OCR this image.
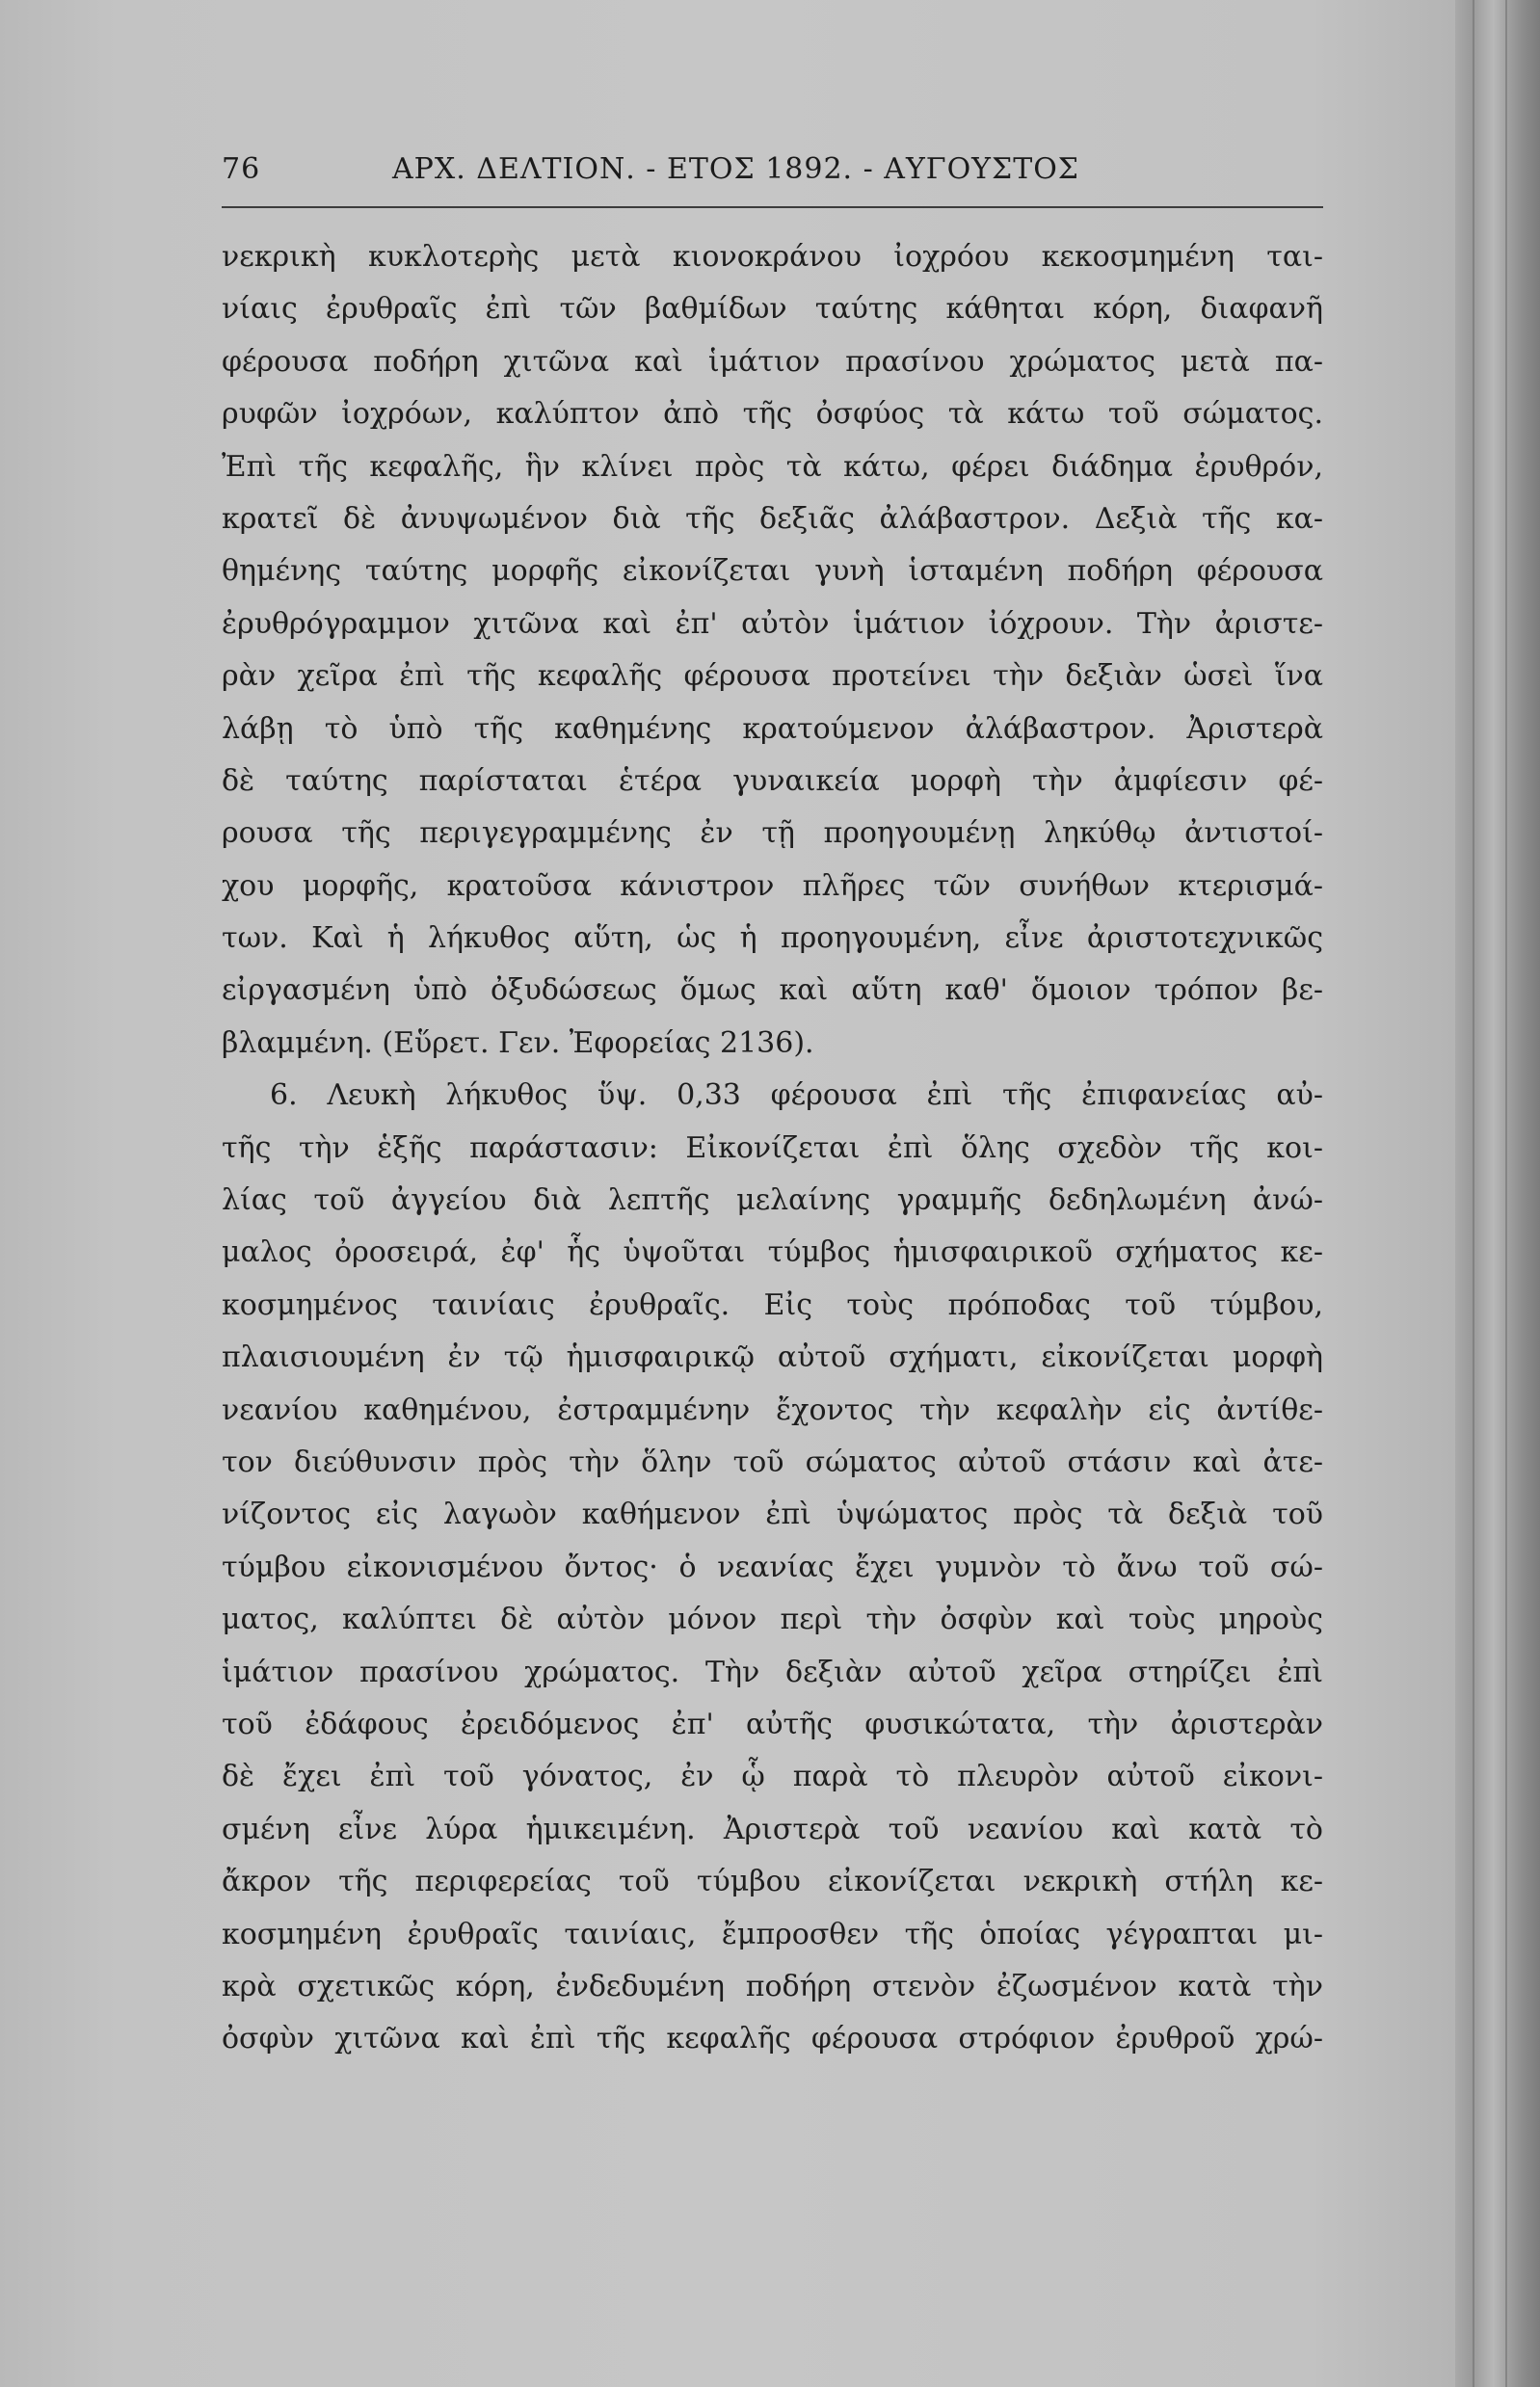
76	ΑΡΧ. ΔΕΛΤΙΟΝ. - ΕΤΟΣ 1892. - ΑΥΓΟΥΣΤΟΣ
νεκρικὴ κυκλοτερὴς μετὰ κιονοκράνου ἰοχρόου κεκοσμημένη ται-
νίαις ἐρυθραῖς ἐπὶ τῶν βαθμίδων ταύτης κάθηται κόρη, διαφανῆ
φέρουσα ποδήρη χιτῶνα καὶ ἱμάτιον πρασίνου χρώματος μετὰ πα-
ρυφῶν ἰοχρόων, καλύπτον ἀπὸ τῆς ὀσφύος τὰ κάτω τοῦ σώματος.
Ἐπὶ τῆς κεφαλῆς, ἣν κλίνει πρὸς τὰ κάτω, φέρει διάδημα ἐρυθρόν,
κρατεῖ δὲ ἀνυψωμένον διὰ τῆς δεξιᾶς ἀλάβαστρον. Δεξιὰ τῆς κα-
θημένης ταύτης μορφῆς εἰκονίζεται γυνὴ ἱσταμένη ποδήρη φέρουσα
ἐρυθρόγραμμον χιτῶνα καὶ ἐπ' αὐτὸν ἱμάτιον ἰόχρουν. Τὴν ἀριστε-
ρὰν χεῖρα ἐπὶ τῆς κεφαλῆς φέρουσα προτείνει τὴν δεξιὰν ὡσεὶ ἵνα
λάβῃ τὸ ὑπὸ τῆς καθημένης κρατούμενον ἀλάβαστρον. Ἀριστερὰ
δὲ ταύτης παρίσταται ἑτέρα γυναικεία μορφὴ τὴν ἀμφίεσιν φέ-
ρουσα τῆς περιγεγραμμένης ἐν τῇ προηγουμένῃ ληκύθῳ ἀντιστοί-
χου μορφῆς, κρατοῦσα κάνιστρον πλῆρες τῶν συνήθων κτερισμά-
των. Καὶ ἡ λήκυθος αὕτη, ὡς ἡ προηγουμένη, εἶνε ἀριστοτεχνικῶς
εἰργασμένη ὑπὸ ὀξυδώσεως ὅμως καὶ αὕτη καθ' ὅμοιον τρόπον βε-
βλαμμένη. (Εὕρετ. Γεν. Ἐφορείας 2136).
6. Λευκὴ λήκυθος ὕψ. 0,33 φέρουσα ἐπὶ τῆς ἐπιφανείας αὐ-
τῆς τὴν ἑξῆς παράστασιν: Εἰκονίζεται ἐπὶ ὅλης σχεδὸν τῆς κοι-
λίας τοῦ ἀγγείου διὰ λεπτῆς μελαίνης γραμμῆς δεδηλωμένη ἀνώ-
μαλος ὀροσειρά, ἐφ' ἧς ὑψοῦται τύμβος ἡμισφαιρικοῦ σχήματος κε-
κοσμημένος ταινίαις ἐρυθραῖς. Εἰς τοὺς πρόποδας τοῦ τύμβου,
πλαισιουμένη ἐν τῷ ἡμισφαιρικῷ αὐτοῦ σχήματι, εἰκονίζεται μορφὴ
νεανίου καθημένου, ἐστραμμένην ἔχοντος τὴν κεφαλὴν εἰς ἀντίθε-
τον διεύθυνσιν πρὸς τὴν ὅλην τοῦ σώματος αὐτοῦ στάσιν καὶ ἀτε-
νίζοντος εἰς λαγωὸν καθήμενον ἐπὶ ὑψώματος πρὸς τὰ δεξιὰ τοῦ
τύμβου εἰκονισμένου ὄντος· ὁ νεανίας ἔχει γυμνὸν τὸ ἄνω τοῦ σώ-
ματος, καλύπτει δὲ αὐτὸν μόνον περὶ τὴν ὀσφὺν καὶ τοὺς μηροὺς
ἱμάτιον πρασίνου χρώματος. Τὴν δεξιὰν αὐτοῦ χεῖρα στηρίζει ἐπὶ
τοῦ ἐδάφους ἐρειδόμενος ἐπ' αὐτῆς φυσικώτατα, τὴν ἀριστερὰν
δὲ ἔχει ἐπὶ τοῦ γόνατος, ἐν ᾧ παρὰ τὸ πλευρὸν αὐτοῦ εἰκονι-
σμένη εἶνε λύρα ἡμικειμένη. Ἀριστερὰ τοῦ νεανίου καὶ κατὰ τὸ
ἄκρον τῆς περιφερείας τοῦ τύμβου εἰκονίζεται νεκρικὴ στήλη κε-
κοσμημένη ἐρυθραῖς ταινίαις, ἔμπροσθεν τῆς ὁποίας γέγραπται μι-
κρὰ σχετικῶς κόρη, ἐνδεδυμένη ποδήρη στενὸν ἐζωσμένον κατὰ τὴν
ὀσφὺν χιτῶνα καὶ ἐπὶ τῆς κεφαλῆς φέρουσα στρόφιον ἐρυθροῦ χρώ-
